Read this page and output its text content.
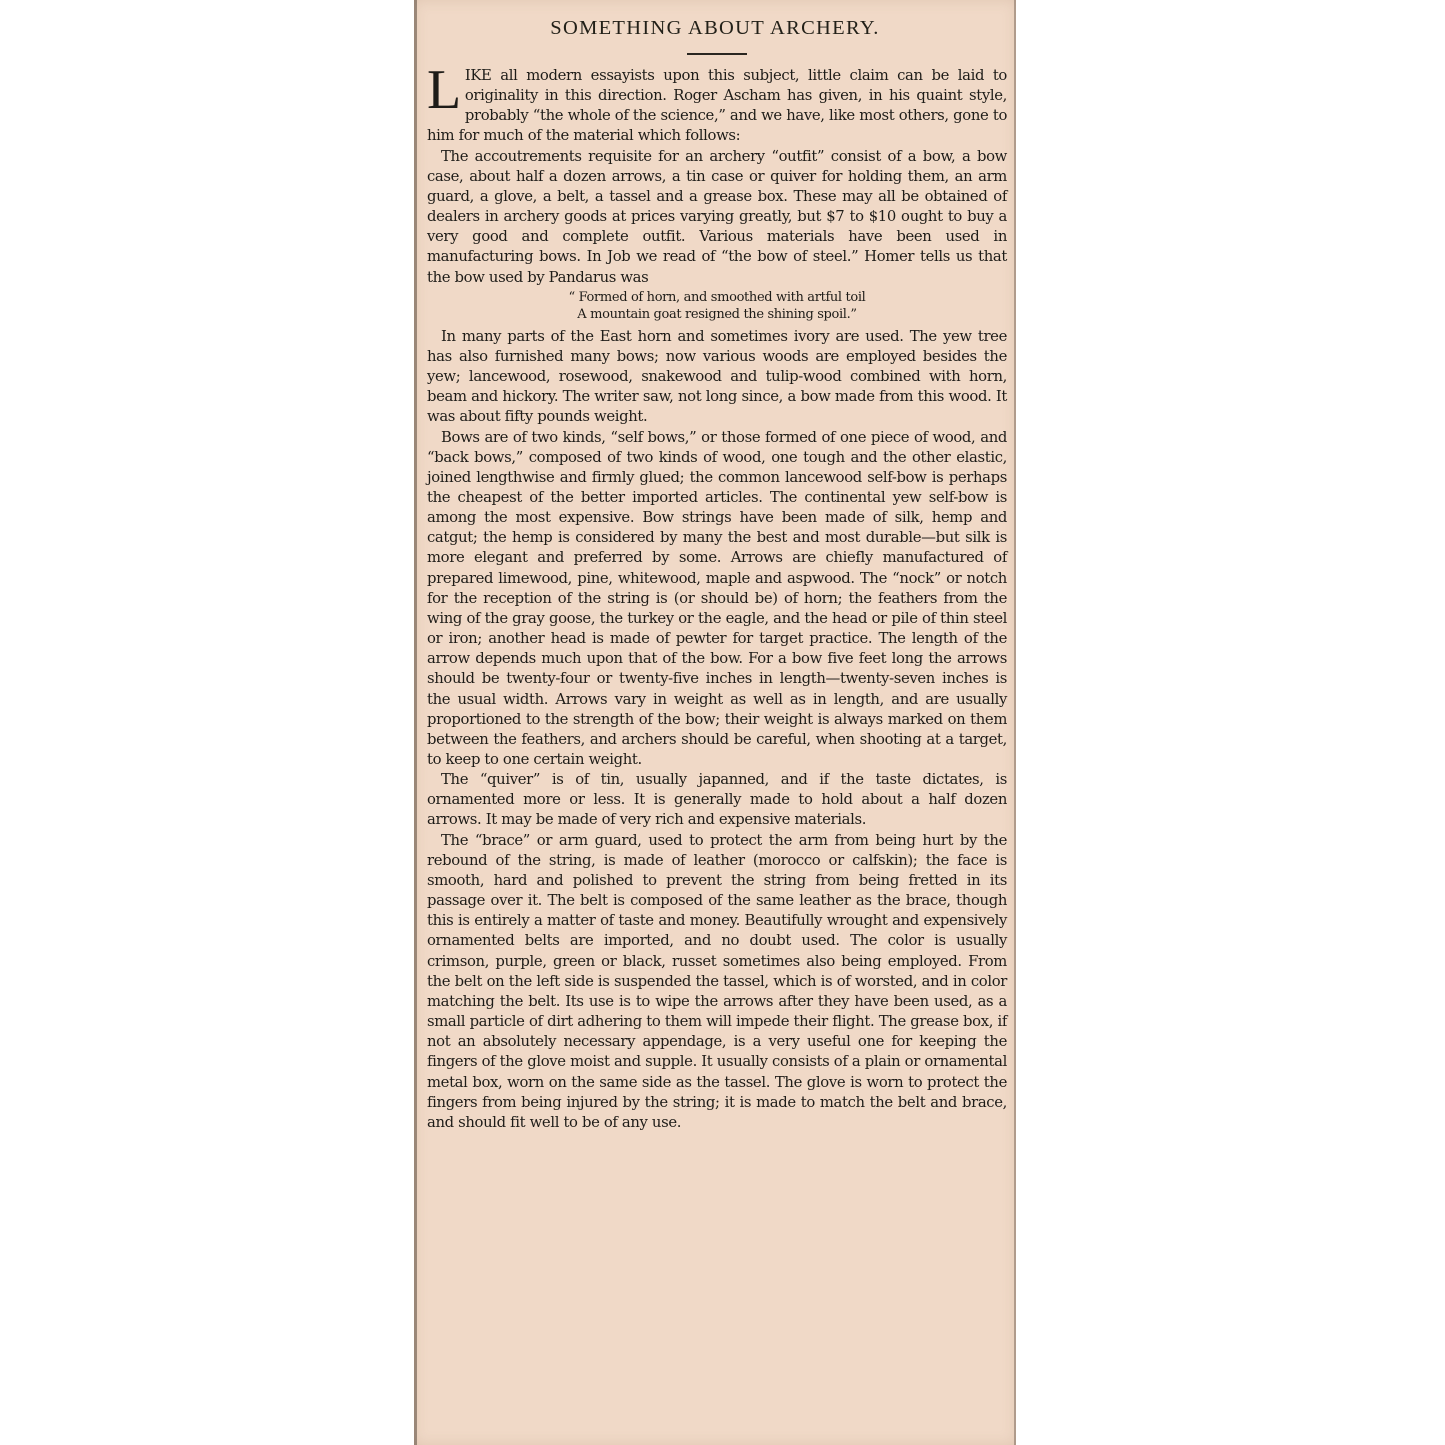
SOMETHING ABOUT ARCHERY.

LIKE all modern essayists upon this subject, little claim can be laid to originality in this direction. Roger Ascham has given, in his quaint style, probably “the whole of the science,” and we have, like most others, gone to him for much of the material which follows:

The accoutrements requisite for an archery “outfit” consist of a bow, a bow case, about half a dozen arrows, a tin case or quiver for holding them, an arm guard, a glove, a belt, a tassel and a grease box. These may all be obtained of dealers in archery goods at prices varying greatly, but $7 to $10 ought to buy a very good and complete outfit. Various materials have been used in manufacturing bows. In Job we read of “the bow of steel.” Homer tells us that the bow used by Pandarus was

“ Formed of horn, and smoothed with artful toil
A mountain goat resigned the shining spoil.”

In many parts of the East horn and sometimes ivory are used. The yew tree has also furnished many bows; now various woods are employed besides the yew; lancewood, rosewood, snakewood and tulip-wood combined with horn, beam and hickory. The writer saw, not long since, a bow made from this wood. It was about fifty pounds weight.

Bows are of two kinds, “self bows,” or those formed of one piece of wood, and “back bows,” composed of two kinds of wood, one tough and the other elastic, joined lengthwise and firmly glued; the common lancewood self-bow is perhaps the cheapest of the better imported articles. The continental yew self-bow is among the most expensive. Bow strings have been made of silk, hemp and catgut; the hemp is considered by many the best and most durable—but silk is more elegant and preferred by some. Arrows are chiefly manufactured of prepared limewood, pine, whitewood, maple and aspwood. The “nock” or notch for the reception of the string is (or should be) of horn; the feathers from the wing of the gray goose, the turkey or the eagle, and the head or pile of thin steel or iron; another head is made of pewter for target practice. The length of the arrow depends much upon that of the bow. For a bow five feet long the arrows should be twenty-four or twenty-five inches in length—twenty-seven inches is the usual width. Arrows vary in weight as well as in length, and are usually proportioned to the strength of the bow; their weight is always marked on them between the feathers, and archers should be careful, when shooting at a target, to keep to one certain weight.

The “quiver” is of tin, usually japanned, and if the taste dictates, is ornamented more or less. It is generally made to hold about a half dozen arrows. It may be made of very rich and expensive materials.

The “brace” or arm guard, used to protect the arm from being hurt by the rebound of the string, is made of leather (morocco or calfskin); the face is smooth, hard and polished to prevent the string from being fretted in its passage over it. The belt is composed of the same leather as the brace, though this is entirely a matter of taste and money. Beautifully wrought and expensively ornamented belts are imported, and no doubt used. The color is usually crimson, purple, green or black, russet sometimes also being employed. From the belt on the left side is suspended the tassel, which is of worsted, and in color matching the belt. Its use is to wipe the arrows after they have been used, as a small particle of dirt adhering to them will impede their flight. The grease box, if not an absolutely necessary appendage, is a very useful one for keeping the fingers of the glove moist and supple. It usually consists of a plain or ornamental metal box, worn on the same side as the tassel. The glove is worn to protect the fingers from being injured by the string; it is made to match the belt and brace, and should fit well to be of any use.
